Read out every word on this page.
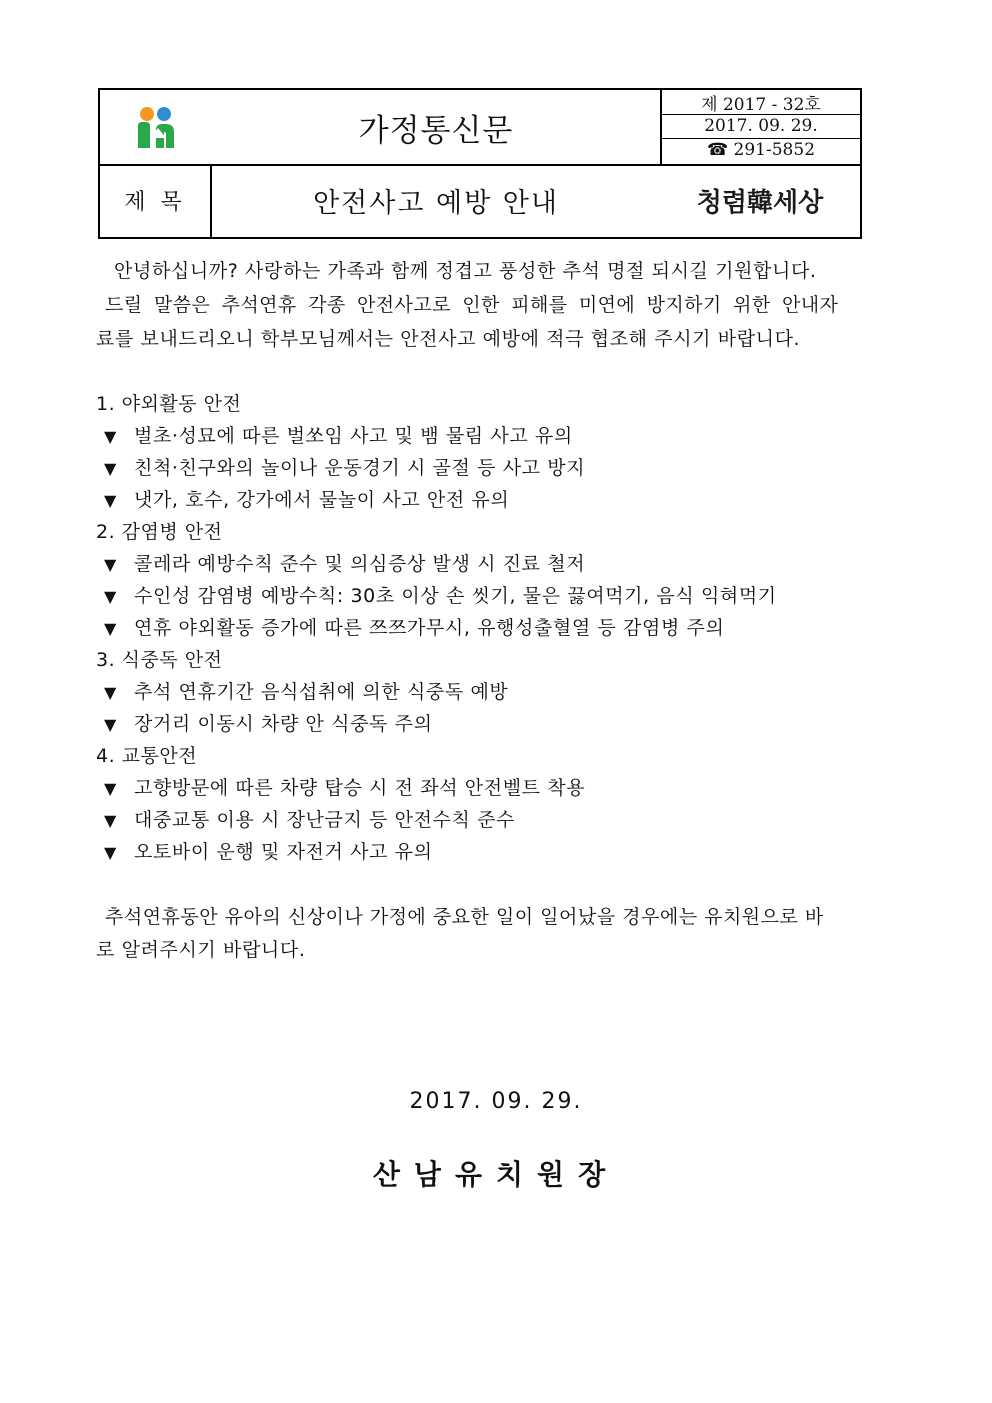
가정통신문
제 2017 - 32호
2017. 09. 29.
☎ 291-5852
제 목	안전사고 예방 안내	청렴韓세상
안녕하십니까? 사랑하는 가족과 함께 정겹고 풍성한 추석 명절 되시길 기원합니다.
드릴 말씀은 추석연휴 각종 안전사고로 인한 피해를 미연에 방지하기 위한 안내자
료를 보내드리오니 학부모님께서는 안전사고 예방에 적극 협조해 주시기 바랍니다.
1. 야외활동 안전
▼ 벌초·성묘에 따른 벌쏘임 사고 및 뱀 물림 사고 유의
▼ 친척·친구와의 놀이나 운동경기 시 골절 등 사고 방지
▼ 냇가, 호수, 강가에서 물놀이 사고 안전 유의
2. 감염병 안전
▼ 콜레라 예방수칙 준수 및 의심증상 발생 시 진료 철저
▼ 수인성 감염병 예방수칙: 30초 이상 손 씻기, 물은 끓여먹기, 음식 익혀먹기
▼ 연휴 야외활동 증가에 따른 쯔쯔가무시, 유행성출혈열 등 감염병 주의
3. 식중독 안전
▼ 추석 연휴기간 음식섭취에 의한 식중독 예방
▼ 장거리 이동시 차량 안 식중독 주의
4. 교통안전
▼ 고향방문에 따른 차량 탑승 시 전 좌석 안전벨트 착용
▼ 대중교통 이용 시 장난금지 등 안전수칙 준수
▼ 오토바이 운행 및 자전거 사고 유의
추석연휴동안 유아의 신상이나 가정에 중요한 일이 일어났을 경우에는 유치원으로 바
로 알려주시기 바랍니다.
2017. 09. 29.
산남유치원장
